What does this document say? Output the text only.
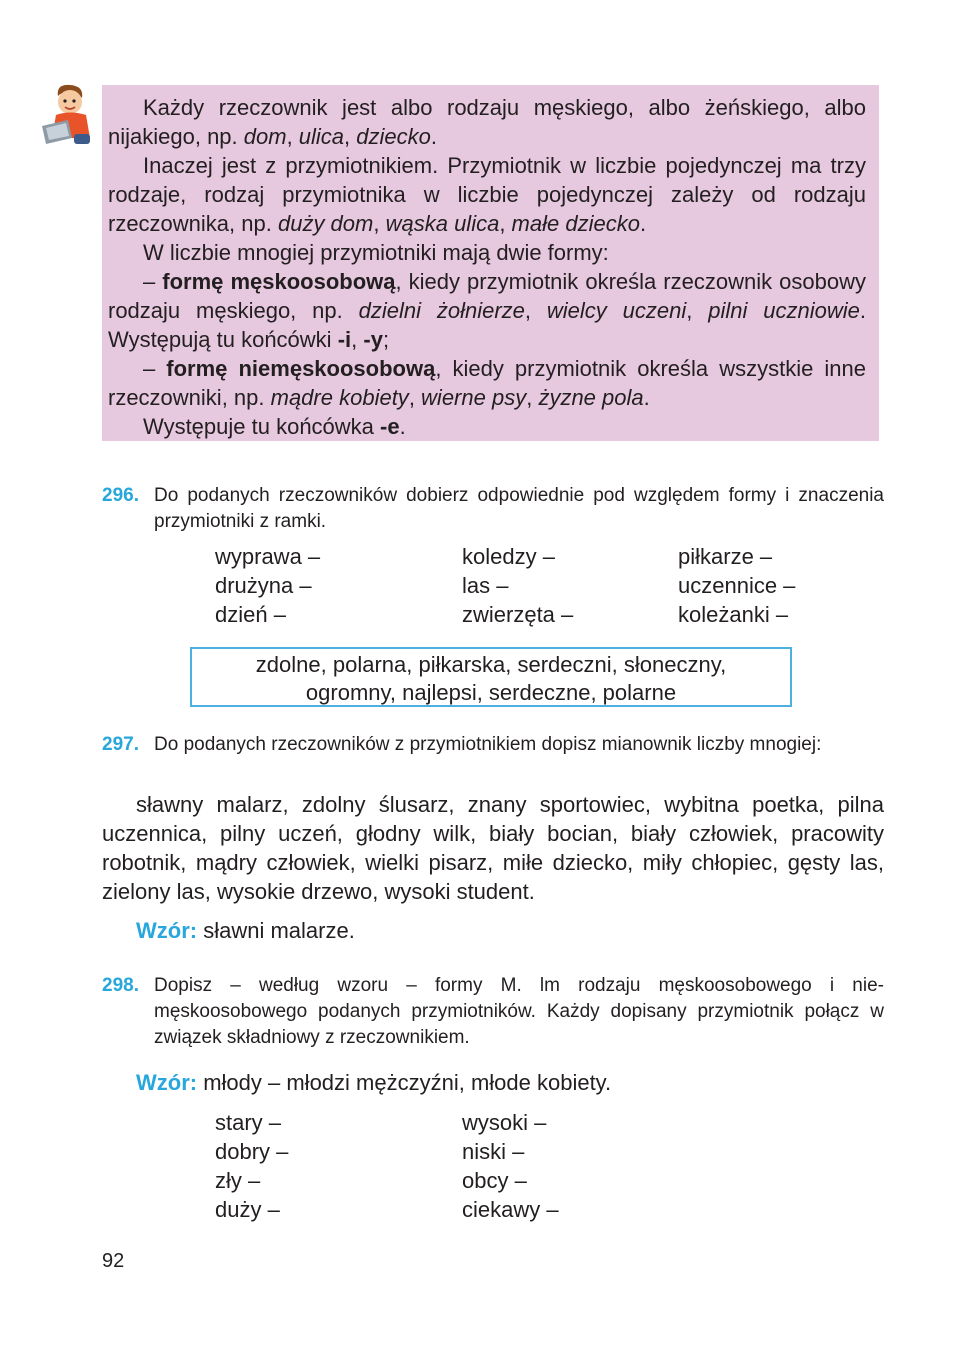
Każdy rzeczownik jest albo rodzaju męskiego, albo żeńskiego, albo nijakiego, np. dom, ulica, dziecko.

Inaczej jest z przymiotnikiem. Przymiotnik w liczbie pojedynczej ma trzy rodzaje, rodzaj przymiotnika w liczbie pojedynczej zależy od rodzaju rzeczownika, np. duży dom, wąska ulica, małe dziecko.

W liczbie mnogiej przymiotniki mają dwie formy:

– formę męskoosobową, kiedy przymiotnik określa rzeczownik osobowy rodzaju męskiego, np. dzielni żołnierze, wielcy uczeni, pilni uczniowie. Występują tu końcówki -i, -y;

– formę niemęskoosobową, kiedy przymiotnik określa wszystkie inne rzeczowniki, np. mądre kobiety, wierne psy, żyzne pola.

Występuje tu końcówka -e.

296. Do podanych rzeczowników dobierz odpowiednie pod względem formy i znaczenia przymiotniki z ramki.
wyprawa –
drużyna –
dzień –
koledzy –
las –
zwierzęta –
piłkarze –
uczennice –
koleżanki –
zdolne, polarna, piłkarska, serdeczni, słoneczny,
ogromny, najlepsi, serdeczne, polarne
297. Do podanych rzeczowników z przymiotnikiem dopisz mianownik liczby mnogiej:
sławny malarz, zdolny ślusarz, znany sportowiec, wybitna poetka, pilna uczennica, pilny uczeń, głodny wilk, biały bocian, biały człowiek, pracowity robotnik, mądry człowiek, wielki pisarz, miłe dziecko, miły chłopiec, gęsty las, zielony las, wysokie drzewo, wysoki student.
Wzór: sławni malarze.
298. Dopisz – według wzoru – formy M. lm rodzaju męskoosobowego i niemęskoosobowego podanych przymiotników. Każdy dopisany przymiotnik połącz w związek składniowy z rzeczownikiem.
Wzór: młody – młodzi mężczyźni, młode kobiety.
stary –
dobry –
zły –
duży –
wysoki –
niski –
obcy –
ciekawy –
92
